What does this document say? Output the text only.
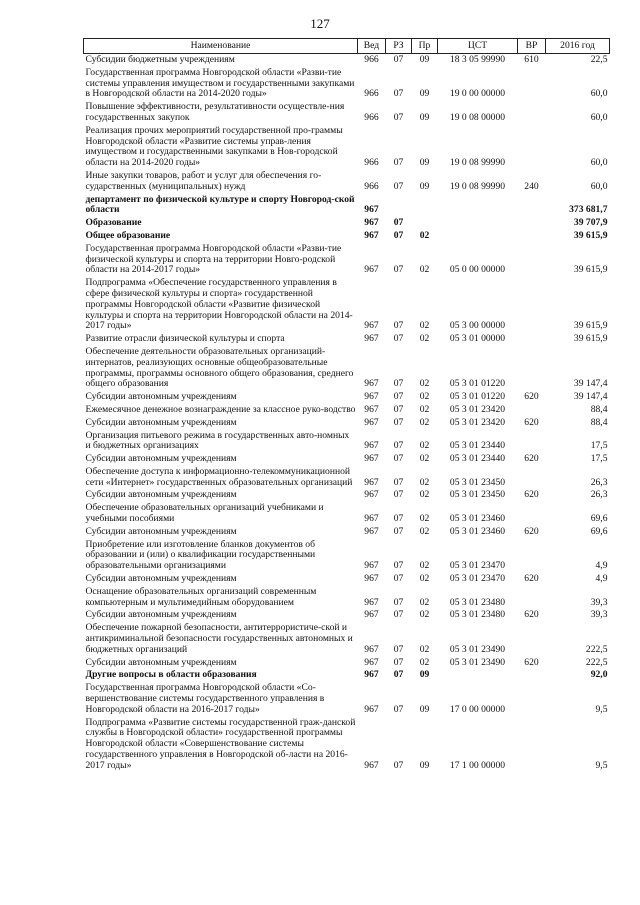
127
Наименование	Вед	РЗ	Пр	ЦСТ	ВР	2016 год
Субсидии бюджетным учреждениям	966	07	09	18 3 05 99990	610	22,5
Государственная программа Новгородской области «Разви-тие системы управления имуществом и государственными закупками в Новгородской области на 2014-2020 годы»	966	07	09	19 0 00 00000		60,0
Повышение эффективности, результативности осуществле-ния государственных закупок	966	07	09	19 0 08 00000		60,0
Реализация прочих мероприятий государственной про-граммы Новгородской области «Развитие системы управ-ления имуществом и государственными закупками в Нов-городской области на 2014-2020 годы»	966	07	09	19 0 08 99990		60,0
Иные закупки товаров, работ и услуг для обеспечения го-сударственных (муниципальных) нужд	966	07	09	19 0 08 99990	240	60,0
департамент по физической культуре и спорту Новгород-ской области	967					373 681,7
Образование	967	07				39 707,9
Общее образование	967	07	02			39 615,9
Государственная программа Новгородской области «Разви-тие физической культуры и спорта на территории Новго-родской области на 2014-2017 годы»	967	07	02	05 0 00 00000		39 615,9
Подпрограмма «Обеспечение государственного управления в сфере физической культуры и спорта» государственной программы Новгородской области «Развитие физической культуры и спорта на территории Новгородской области на 2014-2017 годы»	967	07	02	05 3 00 00000		39 615,9
Развитие отрасли физической культуры и спорта	967	07	02	05 3 01 00000		39 615,9
Обеспечение деятельности образовательных организаций-интернатов, реализующих основные общеобразовательные программы, программы основного общего образования, среднего общего образования	967	07	02	05 3 01 01220		39 147,4
Субсидии автономным учреждениям	967	07	02	05 3 01 01220	620	39 147,4
Ежемесячное денежное вознаграждение за классное руко-водство	967	07	02	05 3 01 23420		88,4
Субсидии автономным учреждениям	967	07	02	05 3 01 23420	620	88,4
Организация питьевого режима в государственных авто-номных и бюджетных организациях	967	07	02	05 3 01 23440		17,5
Субсидии автономным учреждениям	967	07	02	05 3 01 23440	620	17,5
Обеспечение доступа к информационно-телекоммуникационной сети «Интернет» государственных образовательных организаций	967	07	02	05 3 01 23450		26,3
Субсидии автономным учреждениям	967	07	02	05 3 01 23450	620	26,3
Обеспечение образовательных организаций учебниками и учебными пособиями	967	07	02	05 3 01 23460		69,6
Субсидии автономным учреждениям	967	07	02	05 3 01 23460	620	69,6
Приобретение или изготовление бланков документов об образовании и (или) о квалификации государственными образовательными организациями	967	07	02	05 3 01 23470		4,9
Субсидии автономным учреждениям	967	07	02	05 3 01 23470	620	4,9
Оснащение образовательных организаций современным компьютерным и мультимедийным оборудованием	967	07	02	05 3 01 23480		39,3
Субсидии автономным учреждениям	967	07	02	05 3 01 23480	620	39,3
Обеспечение пожарной безопасности, антитеррористиче-ской и антикриминальной безопасности государственных автономных и бюджетных организаций	967	07	02	05 3 01 23490		222,5
Субсидии автономным учреждениям	967	07	02	05 3 01 23490	620	222,5
Другие вопросы в области образования	967	07	09			92,0
Государственная программа Новгородской области «Со-вершенствование системы государственного управления в Новгородской области на 2016-2017 годы»	967	07	09	17 0 00 00000		9,5
Подпрограмма «Развитие системы государственной граж-данской службы в Новгородской области» государственной программы Новгородской области «Совершенствование системы государственного управления в Новгородской об-ласти на 2016-2017 годы»	967	07	09	17 1 00 00000		9,5
